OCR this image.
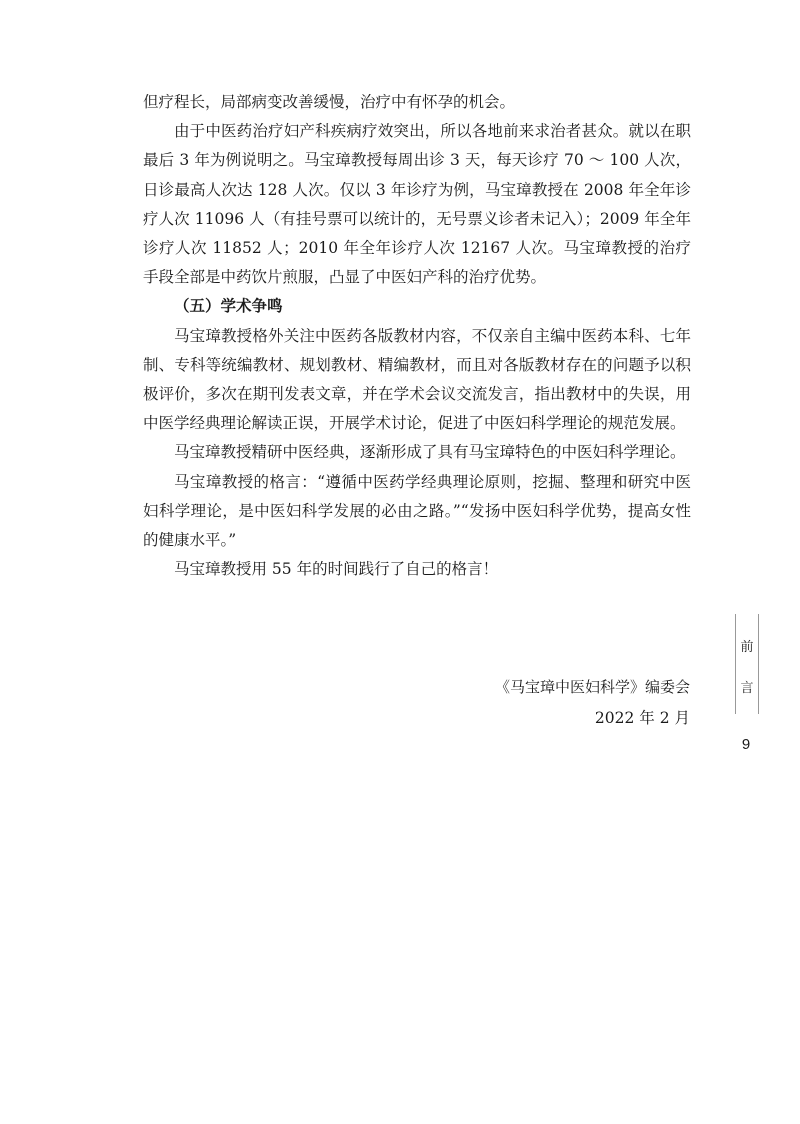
但疗程长，局部病变改善缓慢，治疗中有怀孕的机会。

由于中医药治疗妇产科疾病疗效突出，所以各地前来求治者甚众。就以在职最后 3 年为例说明之。马宝璋教授每周出诊 3 天，每天诊疗 70 ～ 100 人次，日诊最高人次达 128 人次。仅以 3 年诊疗为例，马宝璋教授在 2008 年全年诊疗人次 11096 人（有挂号票可以统计的，无号票义诊者未记入）；2009 年全年诊疗人次 11852 人；2010 年全年诊疗人次 12167 人次。马宝璋教授的治疗手段全部是中药饮片煎服，凸显了中医妇产科的治疗优势。

（五）学术争鸣

马宝璋教授格外关注中医药各版教材内容，不仅亲自主编中医药本科、七年制、专科等统编教材、规划教材、精编教材，而且对各版教材存在的问题予以积极评价，多次在期刊发表文章，并在学术会议交流发言，指出教材中的失误，用中医学经典理论解读正误，开展学术讨论，促进了中医妇科学理论的规范发展。

马宝璋教授精研中医经典，逐渐形成了具有马宝璋特色的中医妇科学理论。

马宝璋教授的格言：“遵循中医药学经典理论原则，挖掘、整理和研究中医妇科学理论，是中医妇科学发展的必由之路。”“发扬中医妇科学优势，提高女性的健康水平。”

马宝璋教授用 55 年的时间践行了自己的格言！

《马宝璋中医妇科学》编委会
2022 年 2 月
前
言
9
